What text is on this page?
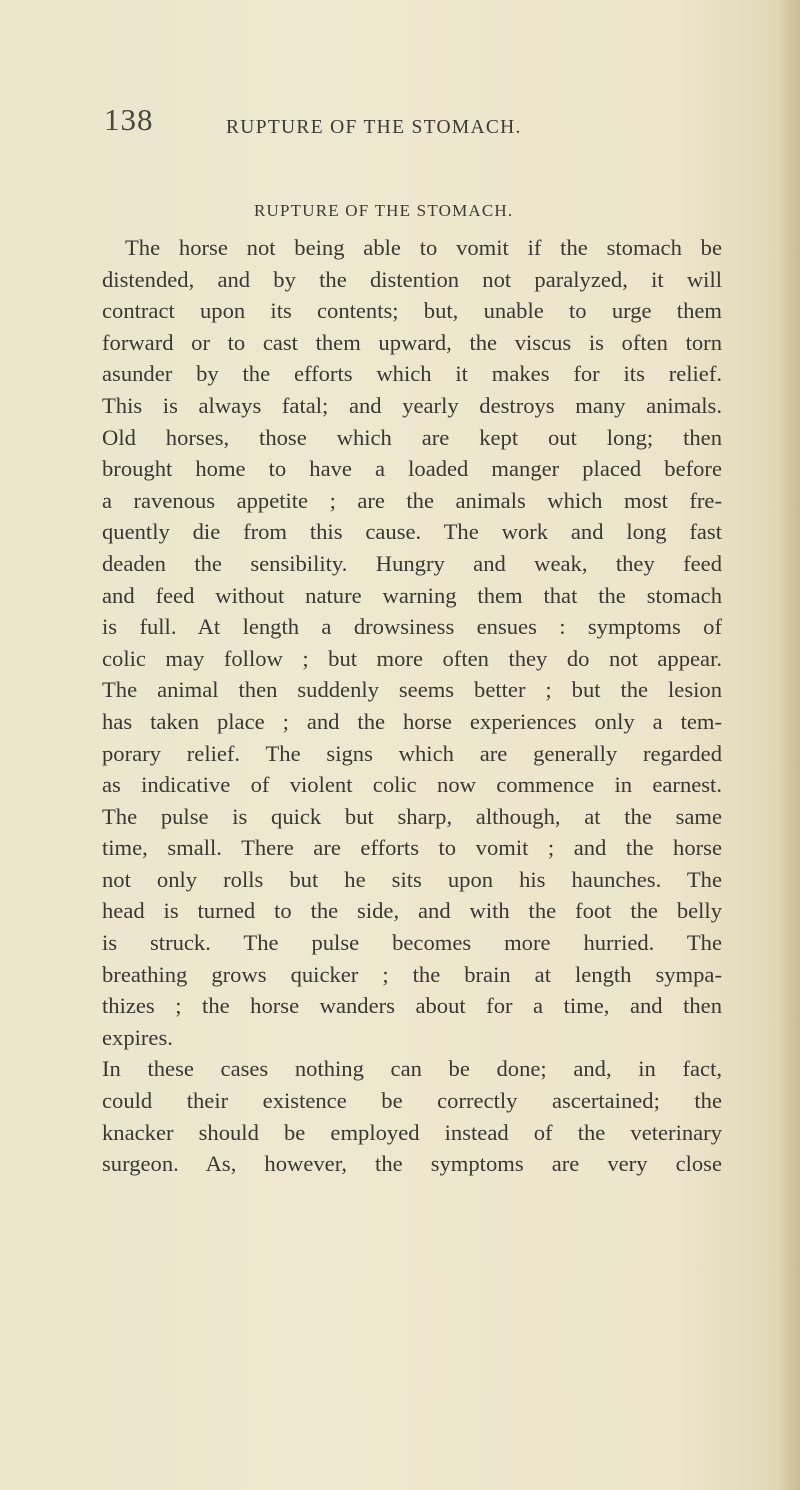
138	RUPTURE OF THE STOMACH.
RUPTURE OF THE STOMACH.
The horse not being able to vomit if the stomach be
distended, and by the distention not paralyzed, it will
contract upon its contents; but, unable to urge them
forward or to cast them upward, the viscus is often torn
asunder by the efforts which it makes for its relief.
This is always fatal; and yearly destroys many animals.
Old horses, those which are kept out long; then
brought home to have a loaded manger placed before
a ravenous appetite ; are the animals which most fre-
quently die from this cause. The work and long fast
deaden the sensibility. Hungry and weak, they feed
and feed without nature warning them that the stomach
is full. At length a drowsiness ensues : symptoms of
colic may follow ; but more often they do not appear.
The animal then suddenly seems better ; but the lesion
has taken place ; and the horse experiences only a tem-
porary relief. The signs which are generally regarded
as indicative of violent colic now commence in earnest.
The pulse is quick but sharp, although, at the same
time, small. There are efforts to vomit ; and the horse
not only rolls but he sits upon his haunches. The
head is turned to the side, and with the foot the belly
is struck. The pulse becomes more hurried. The
breathing grows quicker ; the brain at length sympa-
thizes ; the horse wanders about for a time, and then
expires.
In these cases nothing can be done; and, in fact,
could their existence be correctly ascertained; the
knacker should be employed instead of the veterinary
surgeon. As, however, the symptoms are very close
